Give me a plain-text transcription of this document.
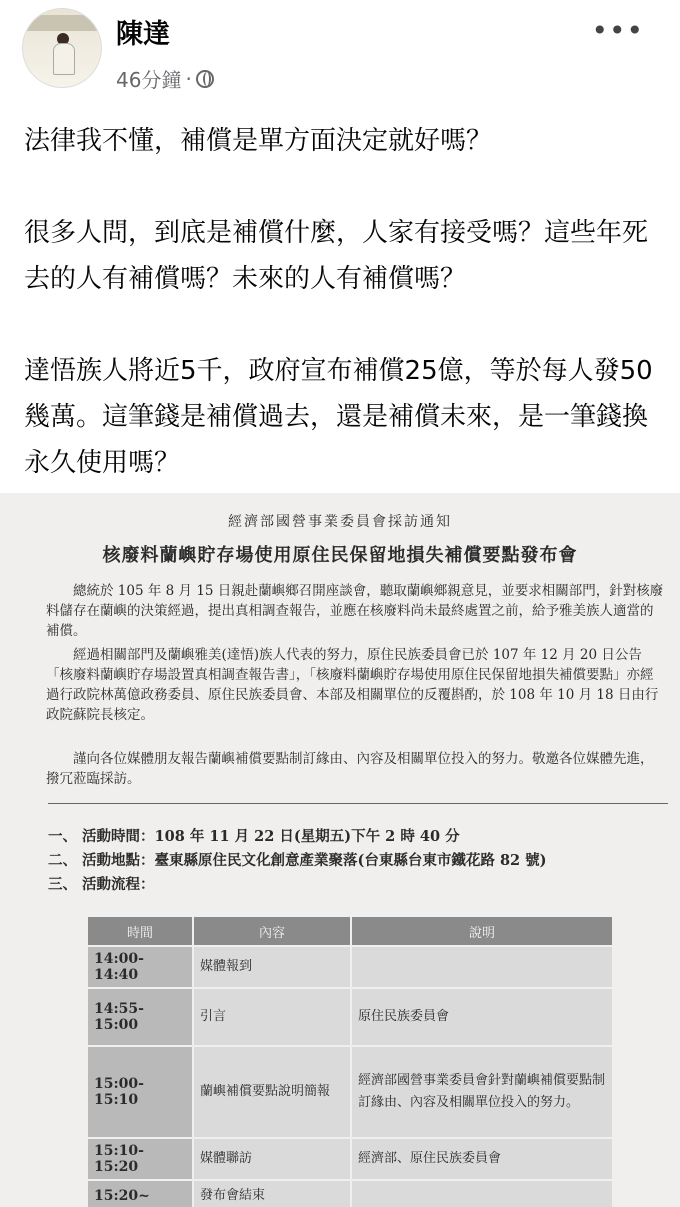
陳達
46分鐘 ·
•••

法律我不懂，補償是單方面決定就好嗎？

很多人問，到底是補償什麼，人家有接受嗎？這些年死去的人有補償嗎？未來的人有補償嗎？

達悟族人將近5千，政府宣布補償25億，等於每人發50幾萬。這筆錢是補償過去，還是補償未來，是一筆錢換永久使用嗎？

經濟部國營事業委員會採訪通知
核廢料蘭嶼貯存場使用原住民保留地損失補償要點發布會
　　總統於 105 年 8 月 15 日親赴蘭嶼鄉召開座談會，聽取蘭嶼鄉親意見，並要求相關部門，針對核廢料儲存在蘭嶼的決策經過，提出真相調查報告，並應在核廢料尚未最終處置之前，給予雅美族人適當的補償。
　　經過相關部門及蘭嶼雅美(達悟)族人代表的努力，原住民族委員會已於 107 年 12 月 20 日公告「核廢料蘭嶼貯存場設置真相調查報告書」，「核廢料蘭嶼貯存場使用原住民保留地損失補償要點」亦經過行政院林萬億政務委員、原住民族委員會、本部及相關單位的反覆斟酌，於 108 年 10 月 18 日由行政院蘇院長核定。
　　謹向各位媒體朋友報告蘭嶼補償要點制訂緣由、內容及相關單位投入的努力。敬邀各位媒體先進，撥冗蒞臨採訪。
一、 活動時間：108 年 11 月 22 日(星期五)下午 2 時 40 分
二、 活動地點：臺東縣原住民文化創意產業聚落(台東縣台東市鐵花路 82 號)
三、 活動流程：
時間	內容	說明
14:00-14:40	媒體報到	
14:55-15:00	引言	原住民族委員會
15:00-15:10	蘭嶼補償要點說明簡報	經濟部國營事業委員會針對蘭嶼補償要點制訂緣由、內容及相關單位投入的努力。
15:10-15:20	媒體聯訪	經濟部、原住民族委員會
15:20~	發布會結束	
